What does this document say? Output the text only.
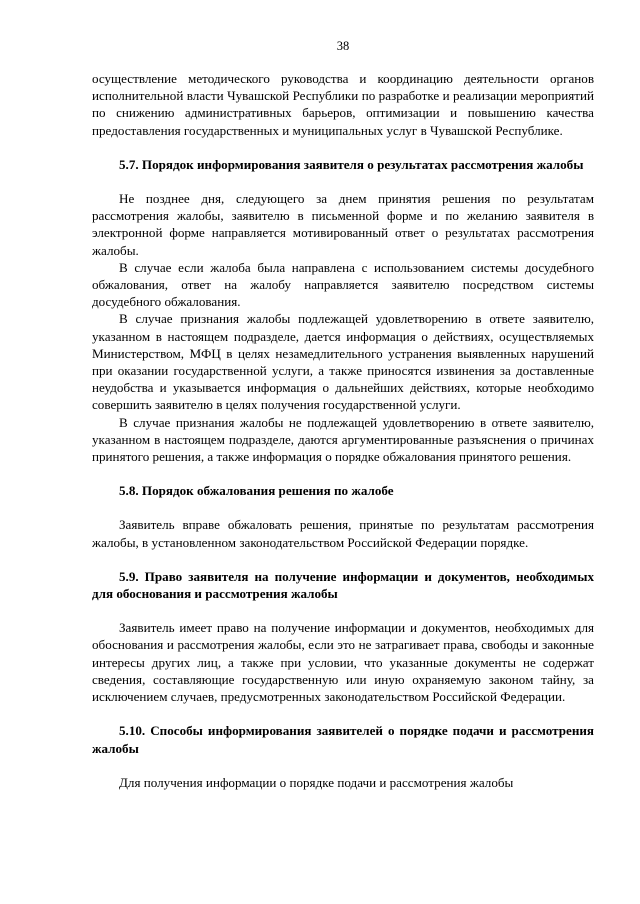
38

осуществление методического руководства и координацию деятельности органов исполнительной власти Чувашской Республики по разработке и реализации мероприятий по снижению административных барьеров, оптимизации и повышению качества предоставления государственных и муниципальных услуг в Чувашской Республике.

5.7. Порядок информирования заявителя о результатах рассмотрения жалобы

Не позднее дня, следующего за днем принятия решения по результатам рассмотрения жалобы, заявителю в письменной форме и по желанию заявителя в электронной форме направляется мотивированный ответ о результатах рассмотрения жалобы.

В случае если жалоба была направлена с использованием системы досудебного обжалования, ответ на жалобу направляется заявителю посредством системы досудебного обжалования.

В случае признания жалобы подлежащей удовлетворению в ответе заявителю, указанном в настоящем подразделе, дается информация о действиях, осуществляемых Министерством, МФЦ в целях незамедлительного устранения выявленных нарушений при оказании государственной услуги, а также приносятся извинения за доставленные неудобства и указывается информация о дальнейших действиях, которые необходимо совершить заявителю в целях получения государственной услуги.

В случае признания жалобы не подлежащей удовлетворению в ответе заявителю, указанном в настоящем подразделе, даются аргументированные разъяснения о причинах принятого решения, а также информация о порядке обжалования принятого решения.

5.8. Порядок обжалования решения по жалобе

Заявитель вправе обжаловать решения, принятые по результатам рассмотрения жалобы, в установленном законодательством Российской Федерации порядке.

5.9. Право заявителя на получение информации и документов, необходимых для обоснования и рассмотрения жалобы

Заявитель имеет право на получение информации и документов, необходимых для обоснования и рассмотрения жалобы, если это не затрагивает права, свободы и законные интересы других лиц, а также при условии, что указанные документы не содержат сведения, составляющие государственную или иную охраняемую законом тайну, за исключением случаев, предусмотренных законодательством Российской Федерации.

5.10. Способы информирования заявителей о порядке подачи и рассмотрения жалобы

Для получения информации о порядке подачи и рассмотрения жалобы
